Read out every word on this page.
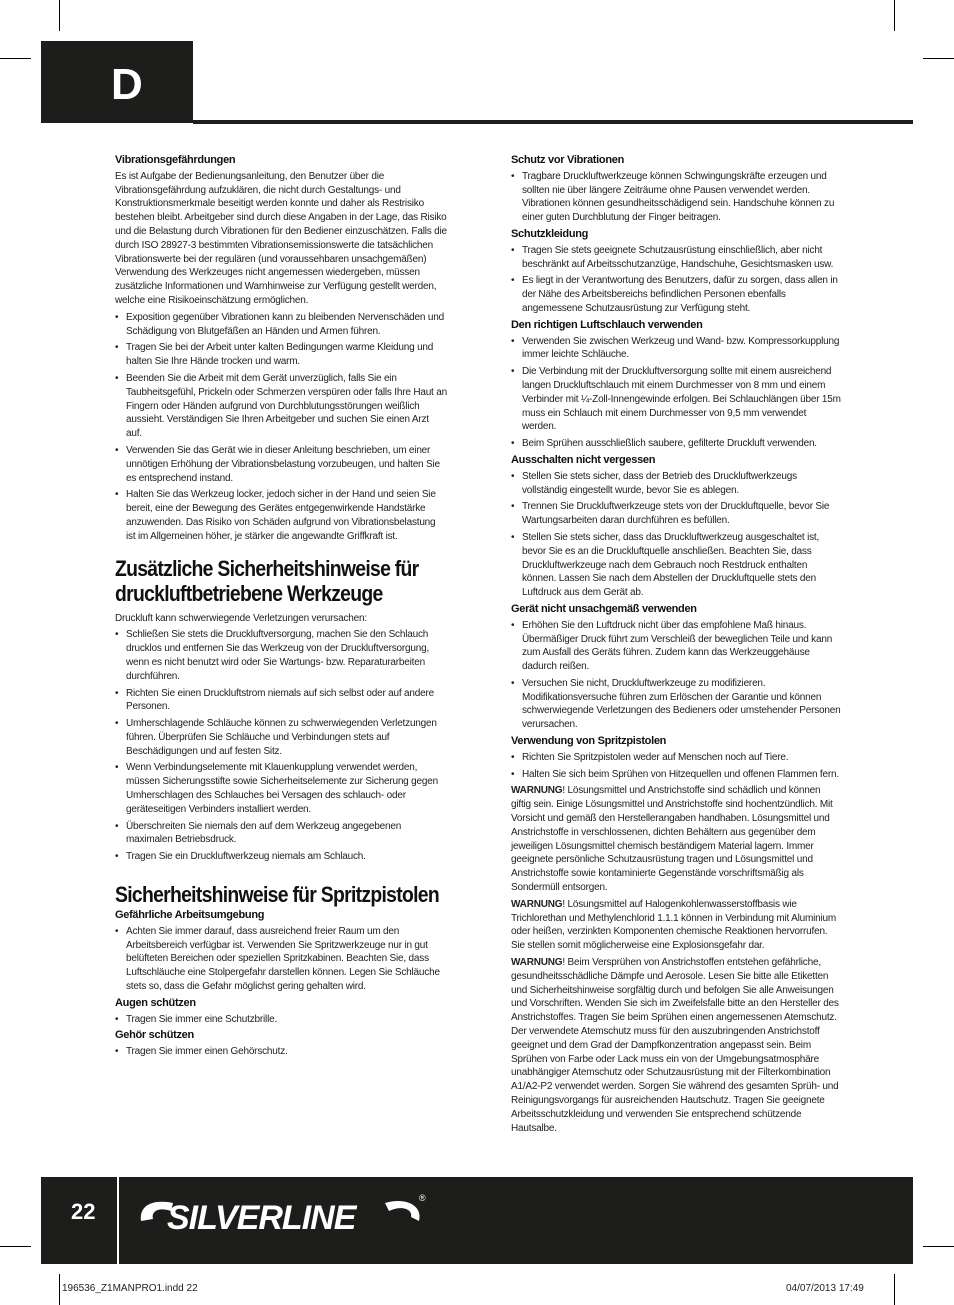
D
Vibrationsgefährdungen

Es ist Aufgabe der Bedienungsanleitung, den Benutzer über die Vibrationsgefährdung aufzuklären, die nicht durch Gestaltungs- und Konstruktionsmerkmale beseitigt werden konnte und daher als Restrisiko bestehen bleibt. Arbeitgeber sind durch diese Angaben in der Lage, das Risiko und die Belastung durch Vibrationen für den Bediener einzuschätzen. Falls die durch ISO 28927-3 bestimmten Vibrationsemissionswerte die tatsächlichen Vibrationswerte bei der regulären (und voraussehbaren unsachgemäßen) Verwendung des Werkzeuges nicht angemessen wiedergeben, müssen zusätzliche Informationen und Warnhinweise zur Verfügung gestellt werden, welche eine Risikoeinschätzung ermöglichen.

• Exposition gegenüber Vibrationen kann zu bleibenden Nervenschäden und Schädigung von Blutgefäßen an Händen und Armen führen.
• Tragen Sie bei der Arbeit unter kalten Bedingungen warme Kleidung und halten Sie Ihre Hände trocken und warm.
• Beenden Sie die Arbeit mit dem Gerät unverzüglich, falls Sie ein Taubheitsgefühl, Prickeln oder Schmerzen verspüren oder falls Ihre Haut an Fingern oder Händen aufgrund von Durchblutungsstörungen weißlich aussieht. Verständigen Sie Ihren Arbeitgeber und suchen Sie einen Arzt auf.
• Verwenden Sie das Gerät wie in dieser Anleitung beschrieben, um einer unnötigen Erhöhung der Vibrationsbelastung vorzubeugen, und halten Sie es entsprechend instand.
• Halten Sie das Werkzeug locker, jedoch sicher in der Hand und seien Sie bereit, eine der Bewegung des Gerätes entgegenwirkende Handstärke anzuwenden. Das Risiko von Schäden aufgrund von Vibrationsbelastung ist im Allgemeinen höher, je stärker die angewandte Griffkraft ist.
Zusätzliche Sicherheitshinweise für druckluftbetriebene Werkzeuge

Druckluft kann schwerwiegende Verletzungen verursachen:

• Schließen Sie stets die Druckluftversorgung, machen Sie den Schlauch drucklos und entfernen Sie das Werkzeug von der Druckluftversorgung, wenn es nicht benutzt wird oder Sie Wartungs- bzw. Reparaturarbeiten durchführen.
• Richten Sie einen Druckluftstrom niemals auf sich selbst oder auf andere Personen.
• Umherschlagende Schläuche können zu schwerwiegenden Verletzungen führen. Überprüfen Sie Schläuche und Verbindungen stets auf Beschädigungen und auf festen Sitz.
• Wenn Verbindungselemente mit Klauenkupplung verwendet werden, müssen Sicherungsstifte sowie Sicherheitselemente zur Sicherung gegen Umherschlagen des Schlauches bei Versagen des schlauch- oder geräteseitigen Verbinders installiert werden.
• Überschreiten Sie niemals den auf dem Werkzeug angegebenen maximalen Betriebsdruck.
• Tragen Sie ein Druckluftwerkzeug niemals am Schlauch.
Sicherheitshinweise für Spritzpistolen
Gefährliche Arbeitsumgebung
• Achten Sie immer darauf, dass ausreichend freier Raum um den Arbeitsbereich verfügbar ist. Verwenden Sie Spritzwerkzeuge nur in gut belüfteten Bereichen oder speziellen Spritzkabinen. Beachten Sie, dass Luftschläuche eine Stolpergefahr darstellen können. Legen Sie Schläuche stets so, dass die Gefahr möglichst gering gehalten wird.
Augen schützen
• Tragen Sie immer eine Schutzbrille.
Gehör schützen
• Tragen Sie immer einen Gehörschutz.
Schutz vor Vibrationen
• Tragbare Druckluftwerkzeuge können Schwingungskräfte erzeugen und sollten nie über längere Zeiträume ohne Pausen verwendet werden. Vibrationen können gesundheitsschädigend sein. Handschuhe können zu einer guten Durchblutung der Finger beitragen.
Schutzkleidung
• Tragen Sie stets geeignete Schutzausrüstung einschließlich, aber nicht beschränkt auf Arbeitsschutzanzüge, Handschuhe, Gesichtsmasken usw.
• Es liegt in der Verantwortung des Benutzers, dafür zu sorgen, dass allen in der Nähe des Arbeitsbereichs befindlichen Personen ebenfalls angemessene Schutzausrüstung zur Verfügung steht.
Den richtigen Luftschlauch verwenden
• Verwenden Sie zwischen Werkzeug und Wand- bzw. Kompressorkupplung immer leichte Schläuche.
• Die Verbindung mit der Druckluftversorgung sollte mit einem ausreichend langen Druckluftschlauch mit einem Durchmesser von 8 mm und einem Verbinder mit ¼-Zoll-Innengewinde erfolgen. Bei Schlauchlängen über 15m muss ein Schlauch mit einem Durchmesser von 9,5 mm verwendet werden.
• Beim Sprühen ausschließlich saubere, gefilterte Druckluft verwenden.
Ausschalten nicht vergessen
• Stellen Sie stets sicher, dass der Betrieb des Druckluftwerkzeugs vollständig eingestellt wurde, bevor Sie es ablegen.
• Trennen Sie Druckluftwerkzeuge stets von der Druckluftquelle, bevor Sie Wartungsarbeiten daran durchführen es befüllen.
• Stellen Sie stets sicher, dass das Druckluftwerkzeug ausgeschaltet ist, bevor Sie es an die Druckluftquelle anschließen. Beachten Sie, dass Druckluftwerkzeuge nach dem Gebrauch noch Restdruck enthalten können. Lassen Sie nach dem Abstellen der Druckluftquelle stets den Luftdruck aus dem Gerät ab.
Gerät nicht unsachgemäß verwenden
• Erhöhen Sie den Luftdruck nicht über das empfohlene Maß hinaus. Übermäßiger Druck führt zum Verschleiß der beweglichen Teile und kann zum Ausfall des Geräts führen. Zudem kann das Werkzeuggehäuse dadurch reißen.
• Versuchen Sie nicht, Druckluftwerkzeuge zu modifizieren. Modifikationsversuche führen zum Erlöschen der Garantie und können schwerwiegende Verletzungen des Bedieners oder umstehender Personen verursachen.
Verwendung von Spritzpistolen
• Richten Sie Spritzpistolen weder auf Menschen noch auf Tiere.
• Halten Sie sich beim Sprühen von Hitzequellen und offenen Flammen fern.

WARNUNG! Lösungsmittel und Anstrichstoffe sind schädlich und können giftig sein. Einige Lösungsmittel und Anstrichstoffe sind hochentzündlich. Mit Vorsicht und gemäß den Herstellerangaben handhaben. Lösungsmittel und Anstrichstoffe in verschlossenen, dichten Behältern aus gegenüber dem jeweiligen Lösungsmittel chemisch beständigem Material lagern. Immer geeignete persönliche Schutzausrüstung tragen und Lösungsmittel und Anstrichstoffe sowie kontaminierte Gegenstände vorschriftsmäßig als Sondermüll entsorgen.

WARNUNG! Lösungsmittel auf Halogenkohlenwasserstoffbasis wie Trichlorethan und Methylenchlorid 1.1.1 können in Verbindung mit Aluminium oder heißen, verzinkten Komponenten chemische Reaktionen hervorrufen. Sie stellen somit möglicherweise eine Explosionsgefahr dar.

WARNUNG! Beim Versprühen von Anstrichstoffen entstehen gefährliche, gesundheitsschädliche Dämpfe und Aerosole. Lesen Sie bitte alle Etiketten und Sicherheitshinweise sorgfältig durch und befolgen Sie alle Anweisungen und Vorschriften. Wenden Sie sich im Zweifelsfalle bitte an den Hersteller des Anstrichstoffes. Tragen Sie beim Sprühen einen angemessenen Atemschutz. Der verwendete Atemschutz muss für den auszubringenden Anstrichstoff geeignet und dem Grad der Dampfkonzentration angepasst sein. Beim Sprühen von Farbe oder Lack muss ein von der Umgebungsatmosphäre unabhängiger Atemschutz oder Schutzausrüstung mit der Filterkombination A1/A2-P2 verwendet werden. Sorgen Sie während des gesamten Sprüh- und Reinigungsvorgangs für ausreichenden Hautschutz. Tragen Sie geeignete Arbeitsschutzkleidung und verwenden Sie entsprechend schützende Hautsalbe.

22 SILVERLINE
®
196536_Z1MANPRO1.indd 22	04/07/2013 17:49
